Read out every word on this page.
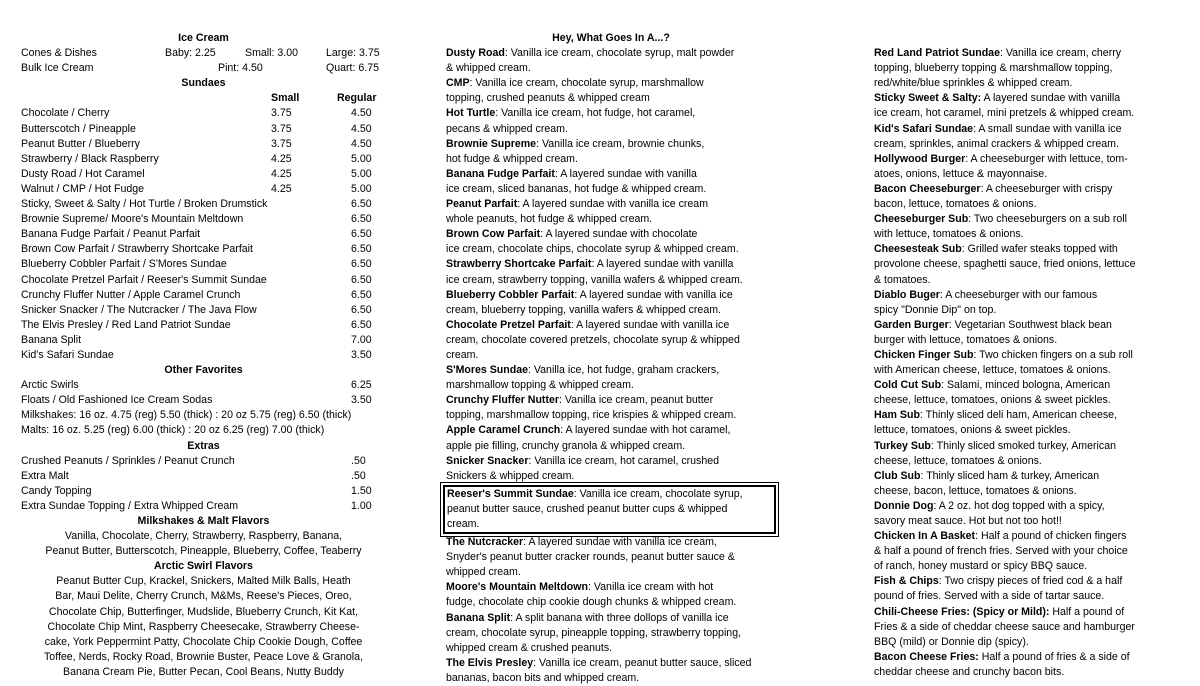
Ice Cream
Cones & Dishes	Baby: 2.25	Small: 3.00	Large: 3.75
Bulk Ice Cream	Pint: 4.50	Quart: 6.75
Sundaes
Small	Regular
Chocolate / Cherry	3.75	4.50
Butterscotch / Pineapple	3.75	4.50
Peanut Butter / Blueberry	3.75	4.50
Strawberry / Black Raspberry	4.25	5.00
Dusty Road / Hot Caramel	4.25	5.00
Walnut / CMP / Hot Fudge	4.25	5.00
Sticky, Sweet & Salty / Hot Turtle / Broken Drumstick	6.50
Brownie Supreme/ Moore's Mountain Meltdown	6.50
Banana Fudge Parfait / Peanut Parfait	6.50
Brown Cow Parfait / Strawberry Shortcake Parfait	6.50
Blueberry Cobbler Parfait / S'Mores Sundae	6.50
Chocolate Pretzel Parfait / Reeser's Summit Sundae	6.50
Crunchy Fluffer Nutter / Apple Caramel Crunch	6.50
Snicker Snacker / The Nutcracker / The Java Flow	6.50
The Elvis Presley / Red Land Patriot Sundae	6.50
Banana Split	7.00
Kid's Safari Sundae	3.50
Other Favorites
Arctic Swirls	6.25
Floats / Old Fashioned Ice Cream Sodas	3.50
Milkshakes: 16 oz. 4.75 (reg) 5.50 (thick) : 20 oz 5.75 (reg) 6.50 (thick)
Malts: 16 oz. 5.25 (reg) 6.00 (thick) : 20 oz 6.25 (reg) 7.00 (thick)
Extras
Crushed Peanuts / Sprinkles / Peanut Crunch	.50
Extra Malt	.50
Candy Topping	1.50
Extra Sundae Topping / Extra Whipped Cream	1.00
Milkshakes & Malt Flavors
Vanilla, Chocolate, Cherry, Strawberry, Raspberry, Banana,
Peanut Butter, Butterscotch, Pineapple, Blueberry, Coffee, Teaberry
Arctic Swirl Flavors
Peanut Butter Cup, Krackel, Snickers, Malted Milk Balls, Heath
Bar, Maui Delite, Cherry Crunch, M&Ms, Reese's Pieces, Oreo,
Chocolate Chip, Butterfinger, Mudslide, Blueberry Crunch, Kit Kat,
Chocolate Chip Mint, Raspberry Cheesecake, Strawberry Cheese-
cake, York Peppermint Patty, Chocolate Chip Cookie Dough, Coffee
Toffee, Nerds, Rocky Road, Brownie Buster, Peace Love & Granola,
Banana Cream Pie, Butter Pecan, Cool Beans, Nutty Buddy
Hey, What Goes In A...?
Dusty Road: Vanilla ice cream, chocolate syrup, malt powder
& whipped cream.
CMP: Vanilla ice cream, chocolate syrup, marshmallow
topping, crushed peanuts & whipped cream
Hot Turtle: Vanilla ice cream, hot fudge, hot caramel,
pecans & whipped cream.
Brownie Supreme: Vanilla ice cream, brownie chunks,
hot fudge & whipped cream.
Banana Fudge Parfait: A layered sundae with vanilla
ice cream, sliced bananas, hot fudge & whipped cream.
Peanut Parfait: A layered sundae with vanilla ice cream
whole peanuts, hot fudge & whipped cream.
Brown Cow Parfait: A layered sundae with chocolate
ice cream, chocolate chips, chocolate syrup & whipped cream.
Strawberry Shortcake Parfait: A layered sundae with vanilla
ice cream, strawberry topping, vanilla wafers & whipped cream.
Blueberry Cobbler Parfait: A layered sundae with vanilla ice
cream, blueberry topping, vanilla wafers & whipped cream.
Chocolate Pretzel Parfait: A layered sundae with vanilla ice
cream, chocolate covered pretzels, chocolate syrup & whipped
cream.
S'Mores Sundae: Vanilla ice, hot fudge, graham crackers,
marshmallow topping & whipped cream.
Crunchy Fluffer Nutter: Vanilla ice cream, peanut butter
topping, marshmallow topping, rice krispies & whipped cream.
Apple Caramel Crunch: A layered sundae with hot caramel,
apple pie filling, crunchy granola & whipped cream.
Snicker Snacker: Vanilla ice cream, hot caramel, crushed
Snickers & whipped cream.
Reeser's Summit Sundae: Vanilla ice cream, chocolate syrup,
peanut butter sauce, crushed peanut butter cups & whipped
cream.
The Nutcracker: A layered sundae with vanilla ice cream,
Snyder's peanut butter cracker rounds, peanut butter sauce &
whipped cream.
Moore's Mountain Meltdown: Vanilla ice cream with hot
fudge, chocolate chip cookie dough chunks & whipped cream.
Banana Split: A split banana with three dollops of vanilla ice
cream, chocolate syrup, pineapple topping, strawberry topping,
whipped cream & crushed peanuts.
The Elvis Presley: Vanilla ice cream, peanut butter sauce, sliced
bananas, bacon bits and whipped cream.
Red Land Patriot Sundae: Vanilla ice cream, cherry
topping, blueberry topping & marshmallow topping,
red/white/blue sprinkles & whipped cream.
Sticky Sweet & Salty: A layered sundae with vanilla
ice cream, hot caramel, mini pretzels & whipped cream.
Kid's Safari Sundae: A small sundae with vanilla ice
cream, sprinkles, animal crackers & whipped cream.
Hollywood Burger: A cheeseburger with lettuce, tom-
atoes, onions, lettuce & mayonnaise.
Bacon Cheeseburger: A cheeseburger with crispy
bacon, lettuce, tomatoes & onions.
Cheeseburger Sub: Two cheeseburgers on a sub roll
with lettuce, tomatoes & onions.
Cheesesteak Sub: Grilled wafer steaks topped with
provolone cheese, spaghetti sauce, fried onions, lettuce
& tomatoes.
Diablo Buger: A cheeseburger with our famous
spicy "Donnie Dip" on top.
Garden Burger: Vegetarian Southwest black bean
burger with lettuce, tomatoes & onions.
Chicken Finger Sub: Two chicken fingers on a sub roll
with American cheese, lettuce, tomatoes & onions.
Cold Cut Sub: Salami, minced bologna, American
cheese, lettuce, tomatoes, onions & sweet pickles.
Ham Sub: Thinly sliced deli ham, American cheese,
lettuce, tomatoes, onions & sweet pickles.
Turkey Sub: Thinly sliced smoked turkey, American
cheese, lettuce, tomatoes & onions.
Club Sub: Thinly sliced ham & turkey, American
cheese, bacon, lettuce, tomatoes & onions.
Donnie Dog: A 2 oz. hot dog topped with a spicy,
savory meat sauce. Hot but not too hot!!
Chicken In A Basket: Half a pound of chicken fingers
& half a pound of french fries. Served with your choice
of ranch, honey mustard or spicy BBQ sauce.
Fish & Chips: Two crispy pieces of fried cod & a half
pound of fries. Served with a side of tartar sauce.
Chili-Cheese Fries: (Spicy or Mild): Half a pound of
Fries & a side of cheddar cheese sauce and hamburger
BBQ (mild) or Donnie dip (spicy).
Bacon Cheese Fries: Half a pound of fries & a side of
cheddar cheese and crunchy bacon bits.
